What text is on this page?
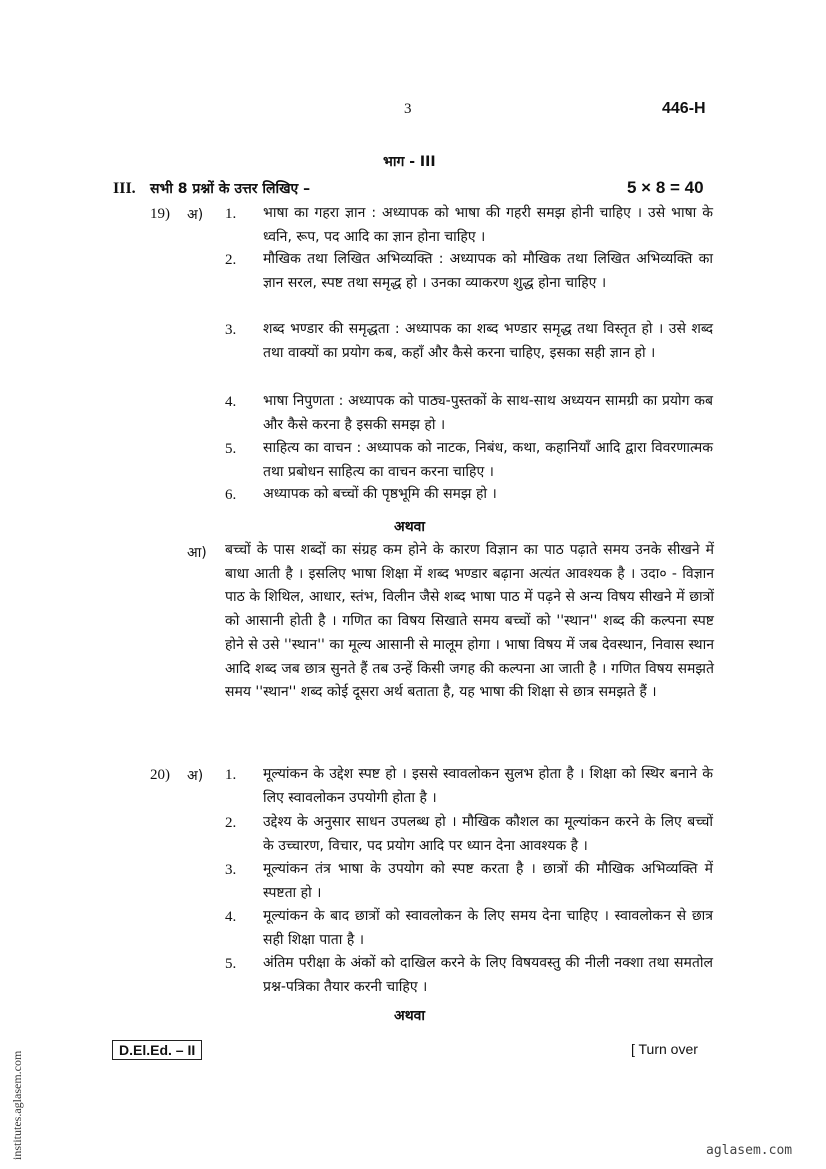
3	446-H
भाग - III
III. सभी 8 प्रश्नों के उत्तर लिखिए –	5 × 8 = 40
19) अ) 1. भाषा का गहरा ज्ञान : अध्यापक को भाषा की गहरी समझ होनी चाहिए । उसे भाषा के ध्वनि, रूप, पद आदि का ज्ञान होना चाहिए ।
2. मौखिक तथा लिखित अभिव्यक्ति : अध्यापक को मौखिक तथा लिखित अभिव्यक्ति का ज्ञान सरल, स्पष्ट तथा समृद्ध हो । उनका व्याकरण शुद्ध होना चाहिए ।
3. शब्द भण्डार की समृद्धता : अध्यापक का शब्द भण्डार समृद्ध तथा विस्तृत हो । उसे शब्द तथा वाक्यों का प्रयोग कब, कहाँ और कैसे करना चाहिए, इसका सही ज्ञान हो ।
4. भाषा निपुणता : अध्यापक को पाठ्य-पुस्तकों के साथ-साथ अध्ययन सामग्री का प्रयोग कब और कैसे करना है इसकी समझ हो ।
5. साहित्य का वाचन : अध्यापक को नाटक, निबंध, कथा, कहानियाँ आदि द्वारा विवरणात्मक तथा प्रबोधन साहित्य का वाचन करना चाहिए ।
6. अध्यापक को बच्चों की पृष्ठभूमि की समझ हो ।
अथवा
आ) बच्चों के पास शब्दों का संग्रह कम होने के कारण विज्ञान का पाठ पढ़ाते समय उनके सीखने में बाधा आती है । इसलिए भाषा शिक्षा में शब्द भण्डार बढ़ाना अत्यंत आवश्यक है । उदा० - विज्ञान पाठ के शिथिल, आधार, स्तंभ, विलीन जैसे शब्द भाषा पाठ में पढ़ने से अन्य विषय सीखने में छात्रों को आसानी होती है । गणित का विषय सिखाते समय बच्चों को ''स्थान'' शब्द की कल्पना स्पष्ट होने से उसे ''स्थान'' का मूल्य आसानी से मालूम होगा । भाषा विषय में जब देवस्थान, निवास स्थान आदि शब्द जब छात्र सुनते हैं तब उन्हें किसी जगह की कल्पना आ जाती है । गणित विषय समझते समय ''स्थान'' शब्द कोई दूसरा अर्थ बताता है, यह भाषा की शिक्षा से छात्र समझते हैं ।
20) अ) 1. मूल्यांकन के उद्देश स्पष्ट हो । इससे स्वावलोकन सुलभ होता है । शिक्षा को स्थिर बनाने के लिए स्वावलोकन उपयोगी होता है ।
2. उद्देश्य के अनुसार साधन उपलब्ध हो । मौखिक कौशल का मूल्यांकन करने के लिए बच्चों के उच्चारण, विचार, पद प्रयोग आदि पर ध्यान देना आवश्यक है ।
3. मूल्यांकन तंत्र भाषा के उपयोग को स्पष्ट करता है । छात्रों की मौखिक अभिव्यक्ति में स्पष्टता हो ।
4. मूल्यांकन के बाद छात्रों को स्वावलोकन के लिए समय देना चाहिए । स्वावलोकन से छात्र सही शिक्षा पाता है ।
5. अंतिम परीक्षा के अंकों को दाखिल करने के लिए विषयवस्तु की नीली नक्शा तथा समतोल प्रश्न-पत्रिका तैयार करनी चाहिए ।
अथवा
D.El.Ed. – II	[ Turn over
institutes.aglasem.com	aglasem.com
